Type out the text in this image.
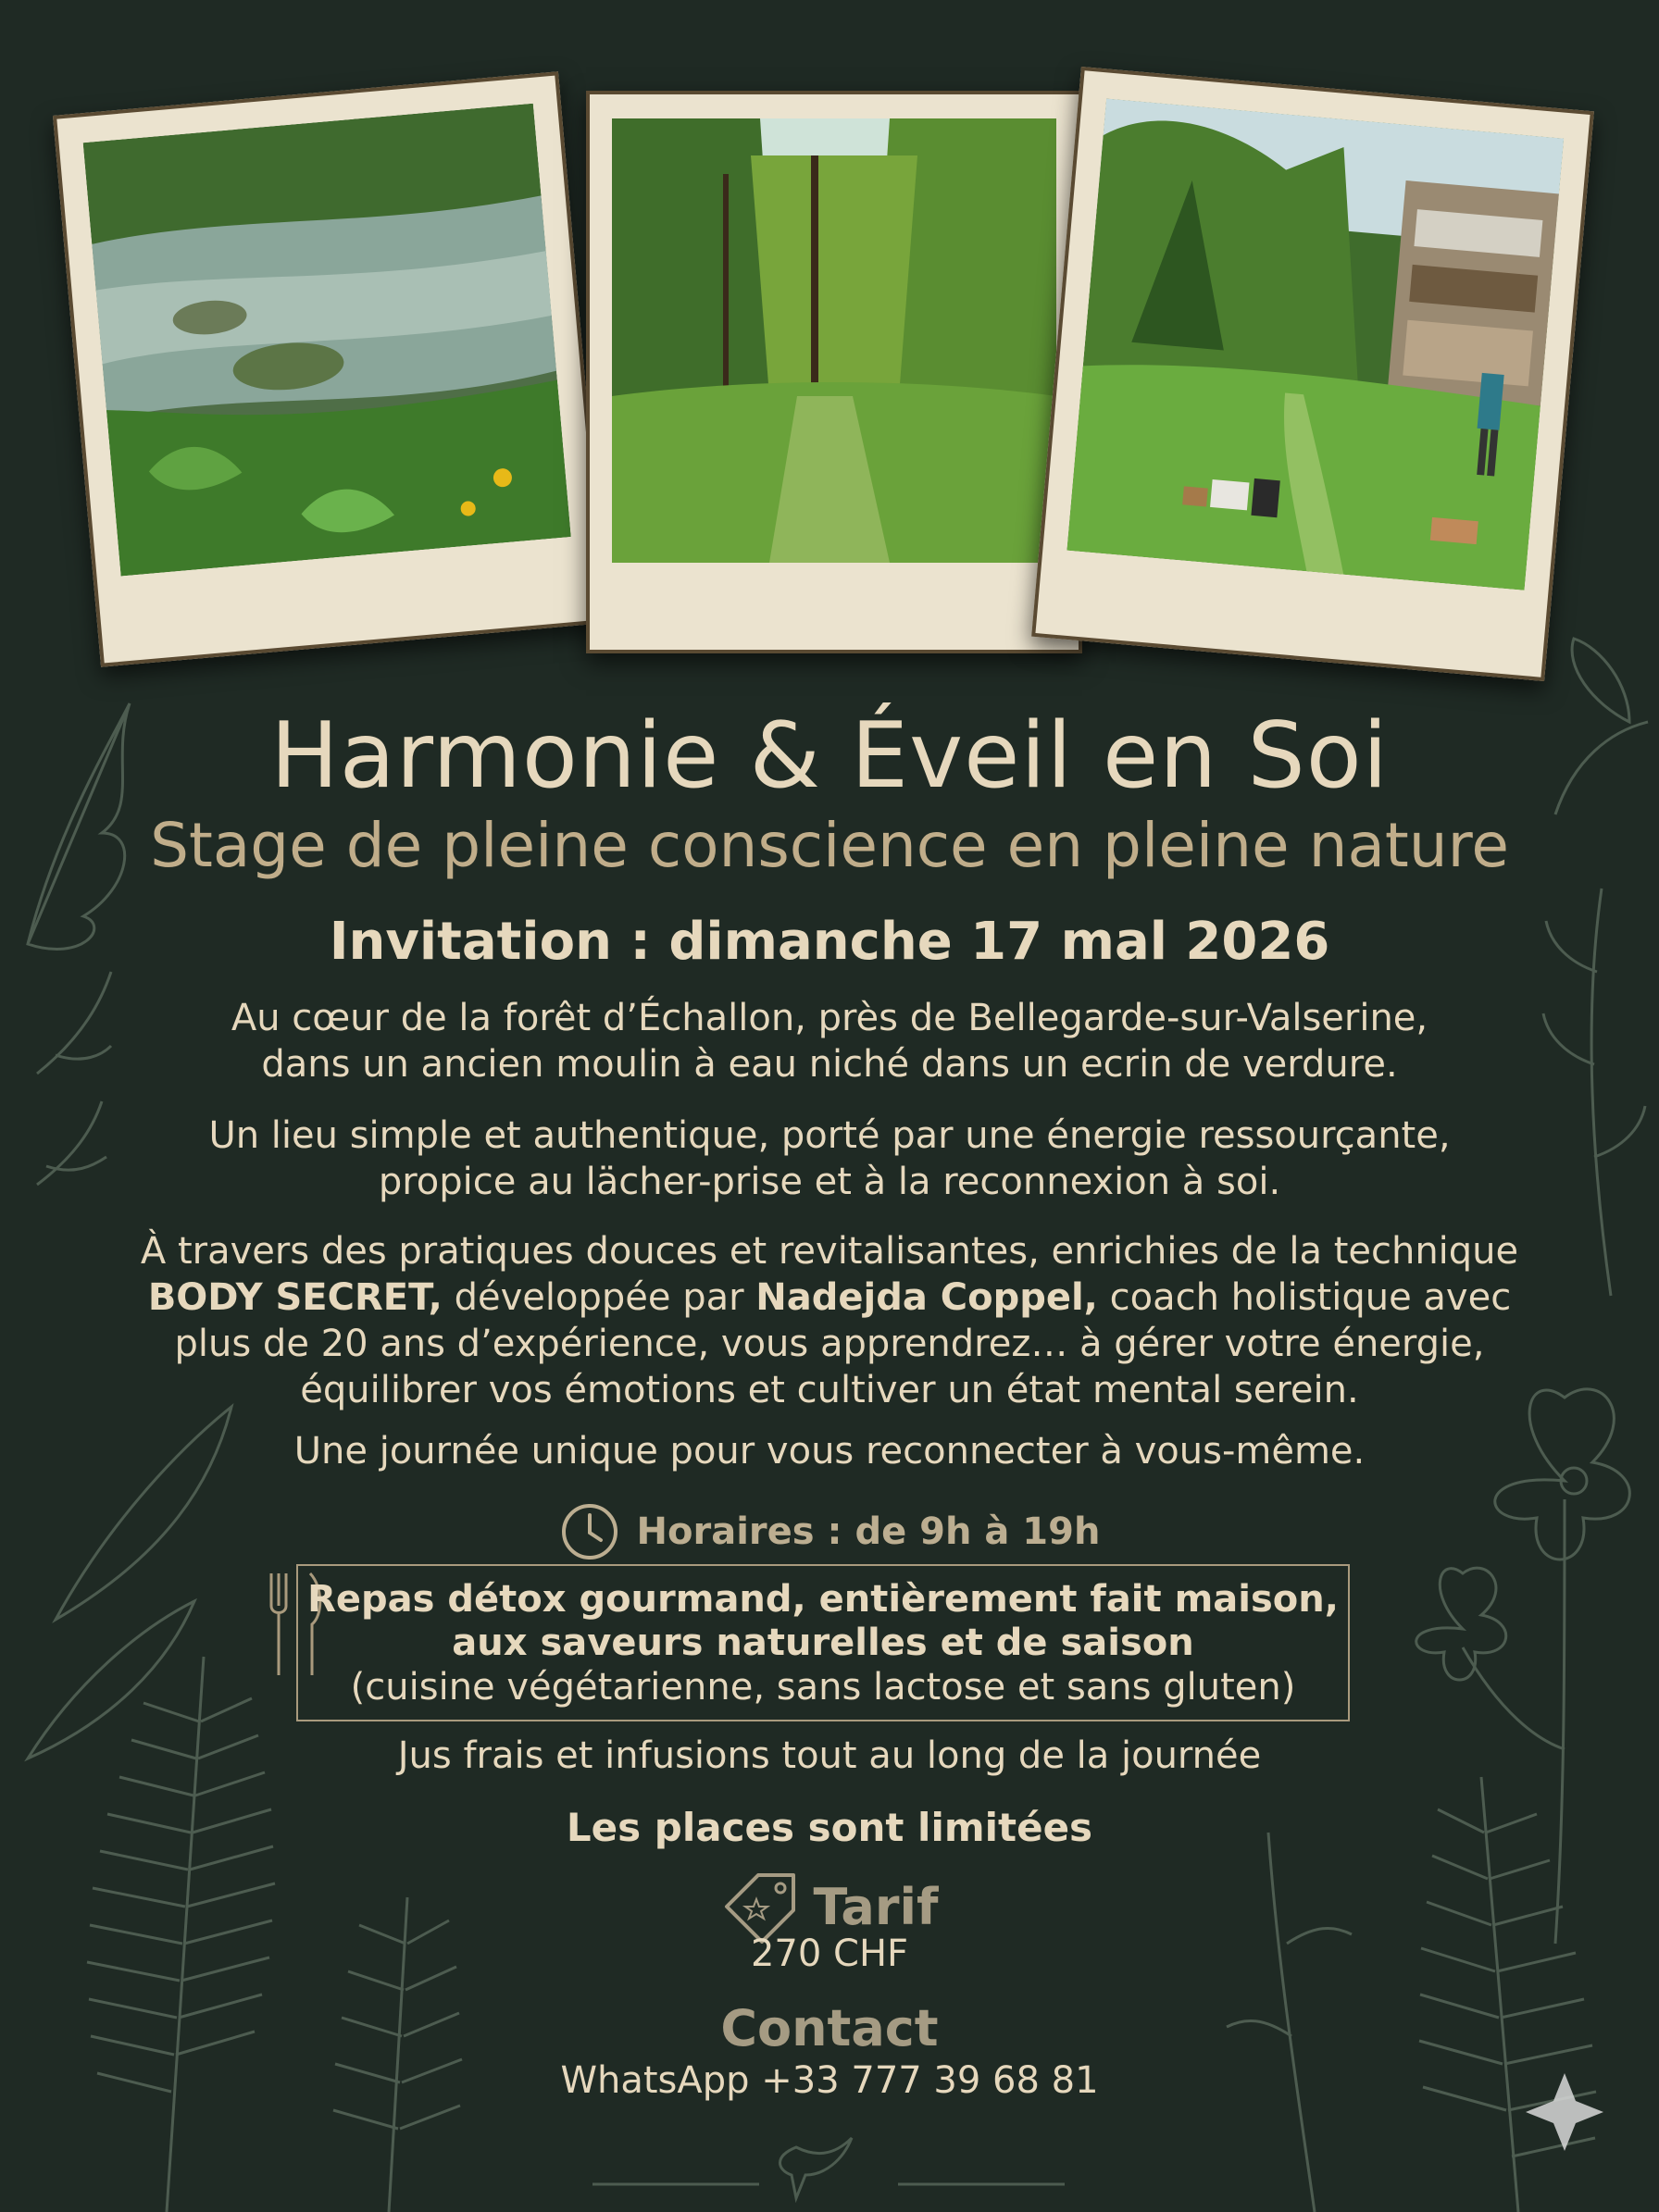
Harmonie & Éveil en Soi
Stage de pleine conscience en pleine nature
Invitation : dimanche 17 mal 2026
Au cœur de la forêt d’Échallon, près de Bellegarde-sur-Valserine,
dans un ancien moulin à eau niché dans un ecrin de verdure.
Un lieu simple et authentique, porté par une énergie ressourçante,
propice au lächer-prise et à la reconnexion à soi.
À travers des pratiques douces et revitalisantes, enrichies de la technique
BODY SECRET, développée par Nadejda Coppel, coach holistique avec
plus de 20 ans d’expérience, vous apprendrez… à gérer votre énergie,
équilibrer vos émotions et cultiver un état mental serein.
Une journée unique pour vous reconnecter à vous-même.
Horaires : de 9h à 19h
Repas détox gourmand, entièrement fait maison,
aux saveurs naturelles et de saison
(cuisine végétarienne, sans lactose et sans gluten)
Jus frais et infusions tout au long de la journée
Les places sont limitées
Tarif
270 CHF
Contact
WhatsApp +33 777 39 68 81
